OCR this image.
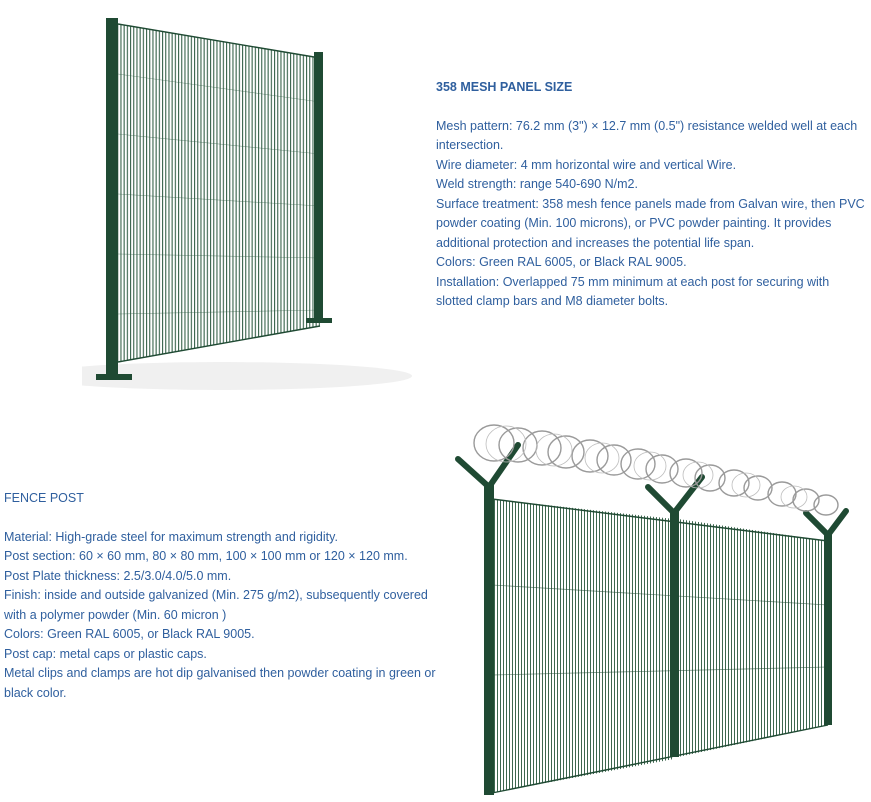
358 MESH PANEL SIZE
Mesh pattern: 76.2 mm (3") × 12.7 mm (0.5") resistance welded well at each intersection.
Wire diameter: 4 mm horizontal wire and vertical Wire.
Weld strength: range 540-690 N/m2.
Surface treatment: 358 mesh fence panels made from Galvan wire, then PVC powder coating (Min. 100 microns), or PVC powder painting. It provides additional protection and increases the potential life span.
Colors: Green RAL 6005, or Black RAL 9005.
Installation: Overlapped 75 mm minimum at each post for securing with slotted clamp bars and M8 diameter bolts.
FENCE POST
Material: High-grade steel for maximum strength and rigidity.
Post section: 60 × 60 mm, 80 × 80 mm, 100 × 100 mm or 120 × 120 mm.
Post Plate thickness: 2.5/3.0/4.0/5.0 mm.
Finish: inside and outside galvanized (Min. 275 g/m2), subsequently covered with a polymer powder (Min. 60 micron )
Colors: Green RAL 6005, or Black RAL 9005.
Post cap: metal caps or plastic caps.
Metal clips and clamps are hot dip galvanised then powder coating in green or black color.
